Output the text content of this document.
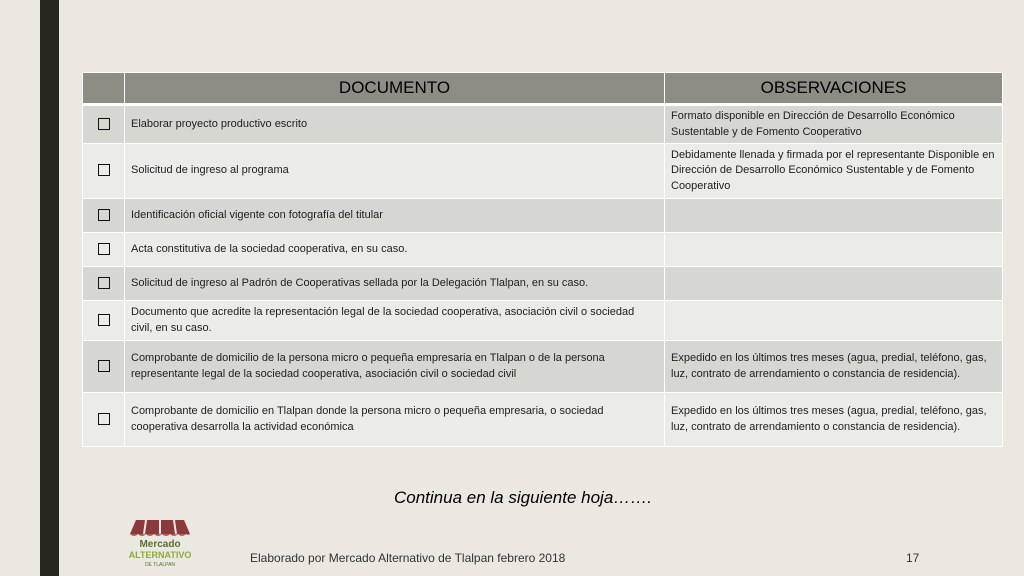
	DOCUMENTO	OBSERVACIONES
	Elaborar proyecto productivo escrito	Formato disponible en Dirección de Desarrollo Económico Sustentable y de Fomento Cooperativo
	Solicitud de ingreso al programa	Debidamente llenada y firmada por el representante Disponible en Dirección de Desarrollo Económico Sustentable y de Fomento Cooperativo
	Identificación oficial vigente con fotografía del titular	
	Acta constitutiva de la sociedad cooperativa, en su caso.	
	Solicitud de ingreso al Padrón de Cooperativas sellada por la Delegación Tlalpan, en su caso.	
	Documento que acredite la representación legal de la sociedad cooperativa, asociación civil o sociedad civil, en su caso.	
	Comprobante de domicilio de la persona micro o pequeña empresaria en Tlalpan o de la persona representante legal de la sociedad cooperativa, asociación civil o sociedad civil	Expedido en los últimos tres meses (agua, predial, teléfono, gas, luz, contrato de arrendamiento o constancia de residencia).
	Comprobante de domicilio en Tlalpan donde la persona micro o pequeña empresaria, o sociedad cooperativa desarrolla la actividad económica	Expedido en los últimos tres meses (agua, predial, teléfono, gas, luz, contrato de arrendamiento o constancia de residencia).
Continua en la siguiente hoja…….
Mercado
ALTERNATIVO
DE TLALPAN	Elaborado por Mercado Alternativo de Tlalpan febrero 2018	17
